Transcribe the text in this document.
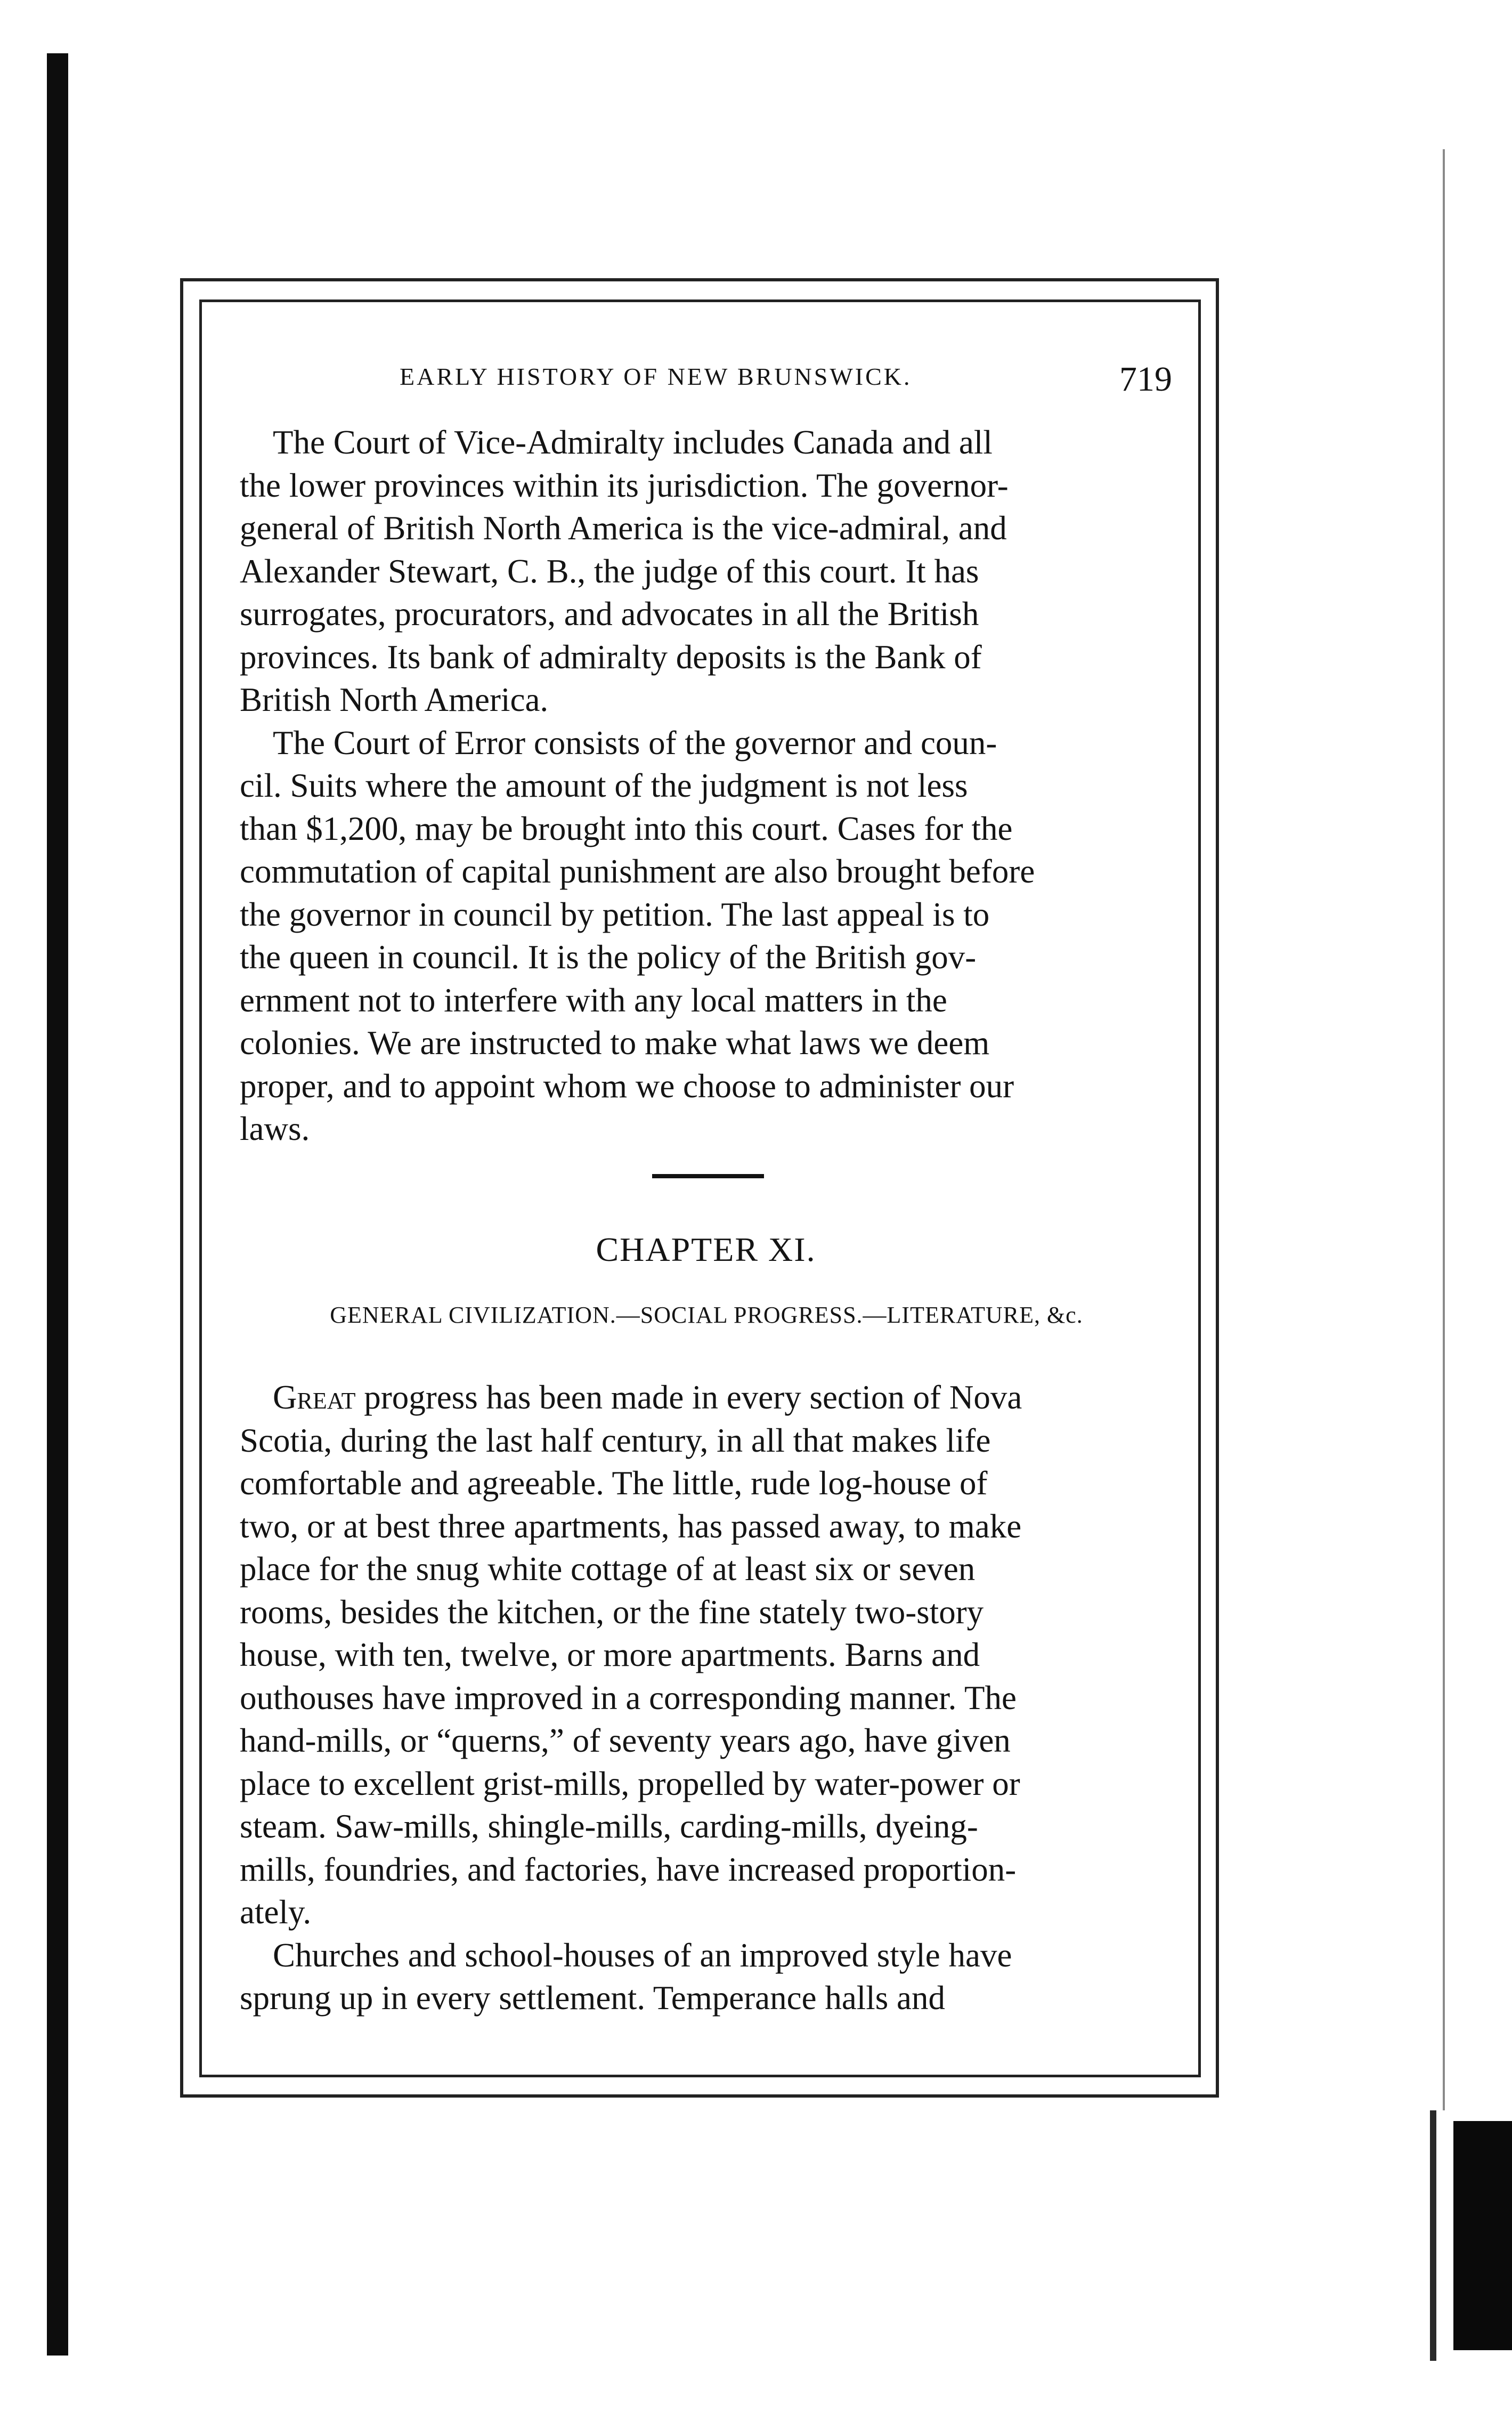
EARLY HISTORY OF NEW BRUNSWICK.	719
The Court of Vice-Admiralty includes Canada and all
the lower provinces within its jurisdiction. The governor-
general of British North America is the vice-admiral, and
Alexander Stewart, C. B., the judge of this court. It has
surrogates, procurators, and advocates in all the British
provinces. Its bank of admiralty deposits is the Bank of
British North America.
The Court of Error consists of the governor and coun-
cil. Suits where the amount of the judgment is not less
than $1,200, may be brought into this court. Cases for the
commutation of capital punishment are also brought before
the governor in council by petition. The last appeal is to
the queen in council. It is the policy of the British gov-
ernment not to interfere with any local matters in the
colonies. We are instructed to make what laws we deem
proper, and to appoint whom we choose to administer our
laws.
CHAPTER XI.
GENERAL CIVILIZATION.—SOCIAL PROGRESS.—LITERATURE, &c.
Great progress has been made in every section of Nova
Scotia, during the last half century, in all that makes life
comfortable and agreeable. The little, rude log-house of
two, or at best three apartments, has passed away, to make
place for the snug white cottage of at least six or seven
rooms, besides the kitchen, or the fine stately two-story
house, with ten, twelve, or more apartments. Barns and
outhouses have improved in a corresponding manner. The
hand-mills, or “querns,” of seventy years ago, have given
place to excellent grist-mills, propelled by water-power or
steam. Saw-mills, shingle-mills, carding-mills, dyeing-
mills, foundries, and factories, have increased proportion-
ately.
Churches and school-houses of an improved style have
sprung up in every settlement. Temperance halls and
